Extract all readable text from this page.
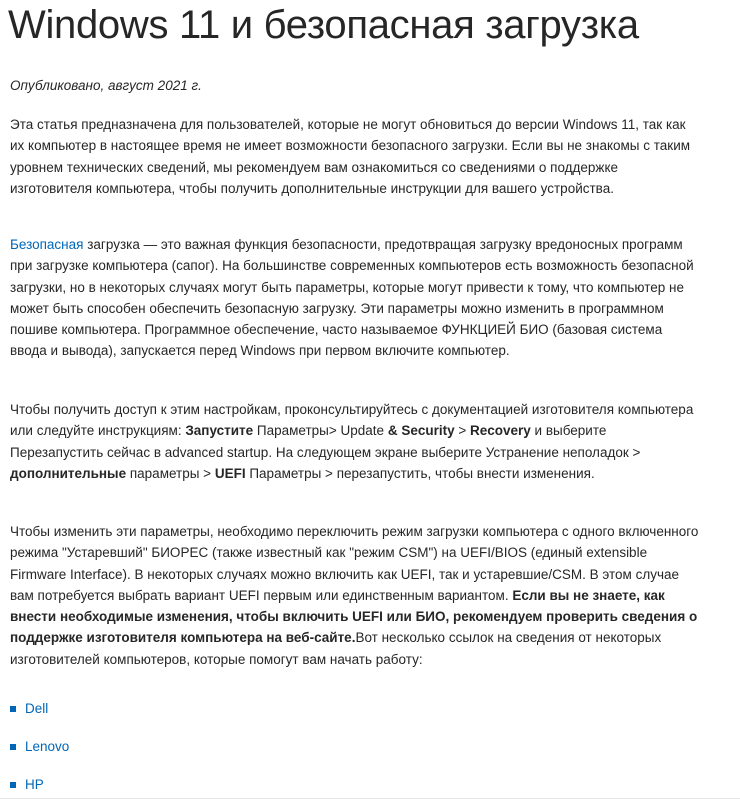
Windows 11 и безопасная загрузка
Опубликовано, август 2021 г.

Эта статья предназначена для пользователей, которые не могут обновиться до версии Windows 11, так как их компьютер в настоящее время не имеет возможности безопасного загрузки. Если вы не знакомы с таким уровнем технических сведений, мы рекомендуем вам ознакомиться со сведениями о поддержке изготовителя компьютера, чтобы получить дополнительные инструкции для вашего устройства.

Безопасная загрузка — это важная функция безопасности, предотвращая загрузку вредоносных программ при загрузке компьютера (сапог). На большинстве современных компьютеров есть возможность безопасной загрузки, но в некоторых случаях могут быть параметры, которые могут привести к тому, что компьютер не может быть способен обеспечить безопасную загрузку. Эти параметры можно изменить в программном пошиве компьютера. Программное обеспечение, часто называемое ФУНКЦИЕЙ БИО (базовая система ввода и вывода), запускается перед Windows при первом включите компьютер.

Чтобы получить доступ к этим настройкам, проконсультируйтесь с документацией изготовителя компьютера или следуйте инструкциям: Запустите Параметры> Update & Security > Recovery и выберите Перезапустить сейчас в advanced startup. На следующем экране выберите Устранение неполадок > дополнительные параметры > UEFI Параметры > перезапустить, чтобы внести изменения.

Чтобы изменить эти параметры, необходимо переключить режим загрузки компьютера с одного включенного режима "Устаревший" БИОРЕС (также известный как "режим CSM") на UEFI/BIOS (единый extensible Firmware Interface). В некоторых случаях можно включить как UEFI, так и устаревшие/CSM. В этом случае вам потребуется выбрать вариант UEFI первым или единственным вариантом. Если вы не знаете, как внести необходимые изменения, чтобы включить UEFI или БИО, рекомендуем проверить сведения о поддержке изготовителя компьютера на веб-сайте.Вот несколько ссылок на сведения от некоторых изготовителей компьютеров, которые помогут вам начать работу:

Dell
Lenovo
HP
